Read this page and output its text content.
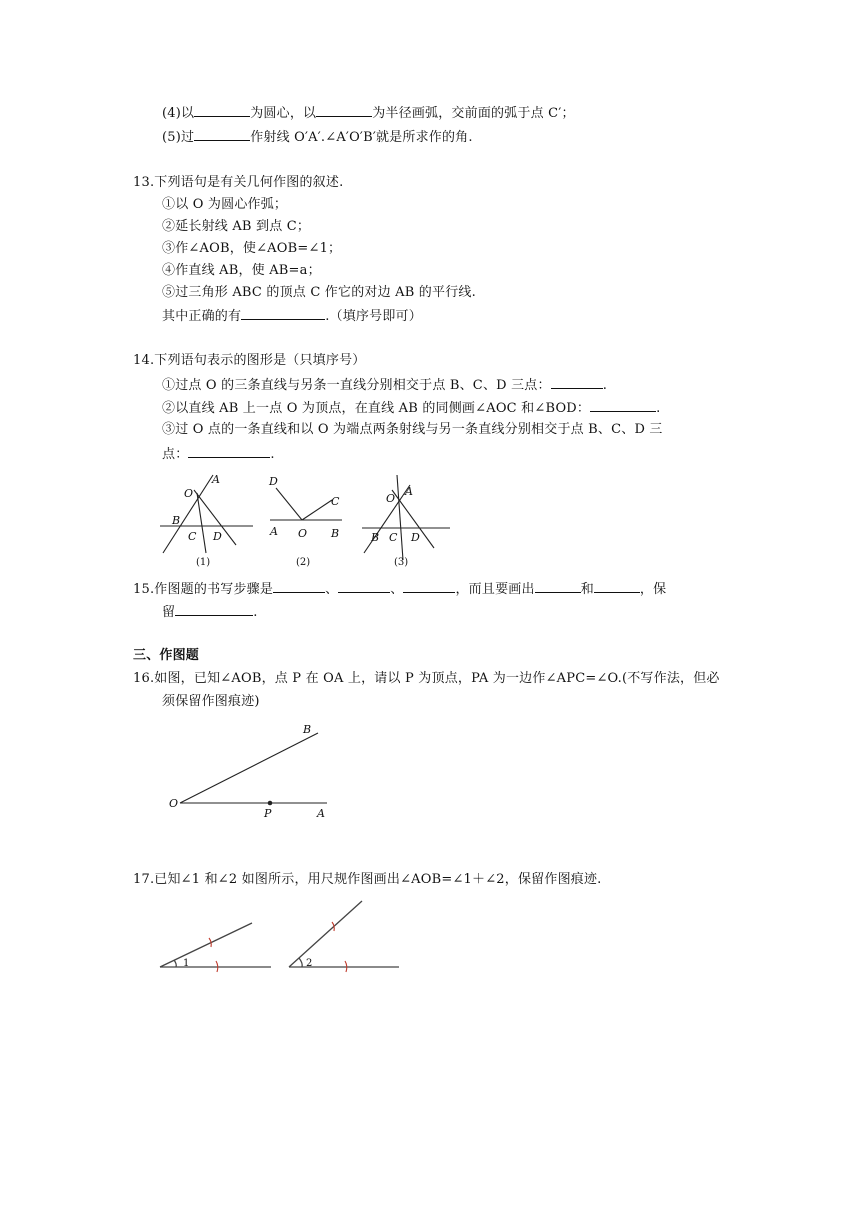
(4)以	为圆心，以	为半径画弧，交前面的弧于点 C′；
(5)过	作射线 O′A′.∠A′O′B′就是所求作的角.
13.下列语句是有关几何作图的叙述.
①以 O 为圆心作弧；
②延长射线 AB 到点 C；
③作∠AOB，使∠AOB=∠1；
④作直线 AB，使 AB=a；
⑤过三角形 ABC 的顶点 C 作它的对边 AB 的平行线.
其中正确的有	.（填序号即可）
14.下列语句表示的图形是（只填序号）
①过点 O 的三条直线与另条一直线分别相交于点 B、C、D 三点：	.
②以直线 AB 上一点 O 为顶点，在直线 AB 的同侧画∠AOC 和∠BOD：	.
③过 O 点的一条直线和以 O 为端点两条射线与另一条直线分别相交于点 B、C、D 三
点：	.
A
O
B
C D
(1)
D
C
A O B
(2)
O
A
B C D
(3)
15.作图题的书写步骤是	、	、	，而且要画出	和	，保
留	.
三、作图题
16.如图，已知∠AOB，点 P 在 OA 上，请以 P 为顶点，PA 为一边作∠APC=∠O.(不写作法，但必
须保留作图痕迹)
B
O
P	A
17.已知∠1 和∠2 如图所示，用尺规作图画出∠AOB=∠1＋∠2，保留作图痕迹.
1	2
